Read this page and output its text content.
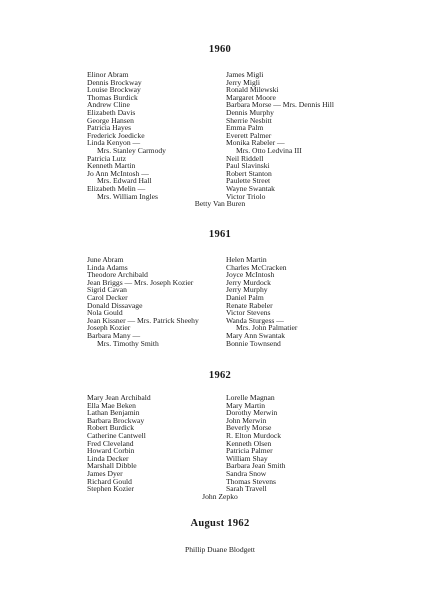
1960
Elinor Abram
Dennis Brockway
Louise Brockway
Thomas Burdick
Andrew Cline
Elizabeth Davis
George Hansen
Patricia Hayes
Frederick Joedicke
Linda Kenyon —
Mrs. Stanley Carmody
Patricia Lutz
Kenneth Martin
Jo Ann McIntosh —
Mrs. Edward Hall
Elizabeth Melin —
Mrs. William Ingles
James Migli
Jerry Migli
Ronald Milewski
Margaret Moore
Barbara Morse — Mrs. Dennis Hill
Dennis Murphy
Sherrie Nesbitt
Emma Palm
Everett Palmer
Monika Rabeler —
Mrs. Otto Ledvina III
Neil Riddell
Paul Slavinski
Robert Stanton
Paulette Street
Wayne Swantak
Victor Triolo
Betty Van Buren
1961
June Abram
Linda Adams
Theodore Archibald
Jean Briggs — Mrs. Joseph Kozier
Sigrid Cavan
Carol Decker
Donald Dissavage
Nola Gould
Jean Kissner — Mrs. Patrick Sheehy
Joseph Kozier
Barbara Many —
Mrs. Timothy Smith
Helen Martin
Charles McCracken
Joyce McIntosh
Jerry Murdock
Jerry Murphy
Daniel Palm
Renate Rabeler
Victor Stevens
Wanda Sturgess —
Mrs. John Palmatier
Mary Ann Swantak
Bonnie Townsend
1962
Mary Jean Archibald
Ella Mae Beken
Lathan Benjamin
Barbara Brockway
Robert Burdick
Catherine Cantwell
Fred Cleveland
Howard Corbin
Linda Decker
Marshall Dibble
James Dyer
Richard Gould
Stephen Kozier
Lorelle Magnan
Mary Martin
Dorothy Merwin
John Merwin
Beverly Morse
R. Elton Murdock
Kenneth Olsen
Patricia Palmer
William Shay
Barbara Jean Smith
Sandra Snow
Thomas Stevens
Sarah Travell
John Zepko
August 1962
Phillip Duane Blodgett
